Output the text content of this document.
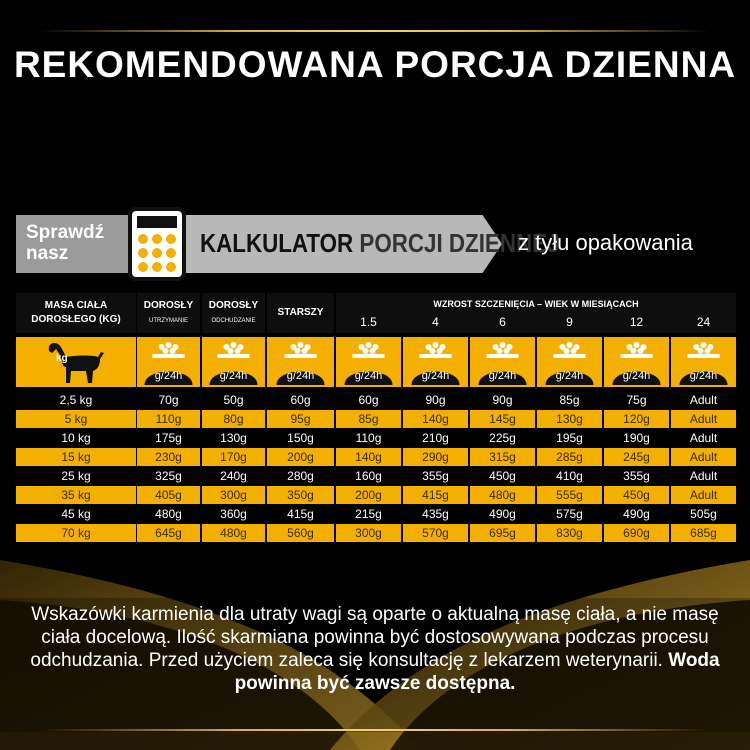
REKOMENDOWANA PORCJA DZIENNA
Sprawdź
nasz	KALKULATOR PORCJI DZIENNEJ
z tyłu opakowania
MASA CIAŁA
DOROSŁEGO (KG)
DOROSŁY
UTRZYMANIE
DOROSŁY
ODCHUDZANIE
STARSZY
WZROST SZCZENIĘCIA – WIEK W MIESIĄCACH
1.5	4	6	9	12	24
kg
g/24h	g/24h	g/24h	g/24h	g/24h	g/24h	g/24h	g/24h	g/24h
2,5 kg	70g	50g	60g	60g	90g	90g	85g	75g	Adult
5 kg	110g	80g	95g	85g	140g	145g	130g	120g	Adult
10 kg	175g	130g	150g	110g	210g	225g	195g	190g	Adult
15 kg	230g	170g	200g	140g	290g	315g	285g	245g	Adult
25 kg	325g	240g	280g	160g	355g	450g	410g	355g	Adult
35 kg	405g	300g	350g	200g	415g	480g	555g	450g	Adult
45 kg	480g	360g	415g	215g	435g	490g	575g	490g	505g
70 kg	645g	480g	560g	300g	570g	695g	830g	690g	685g
Wskazówki karmienia dla utraty wagi są oparte o aktualną masę ciała, a nie masę ciała docelową. Ilość skarmiana powinna być dostosowywana podczas procesu odchudzania. Przed użyciem zaleca się konsultację z lekarzem weterynarii. Woda powinna być zawsze dostępna.
